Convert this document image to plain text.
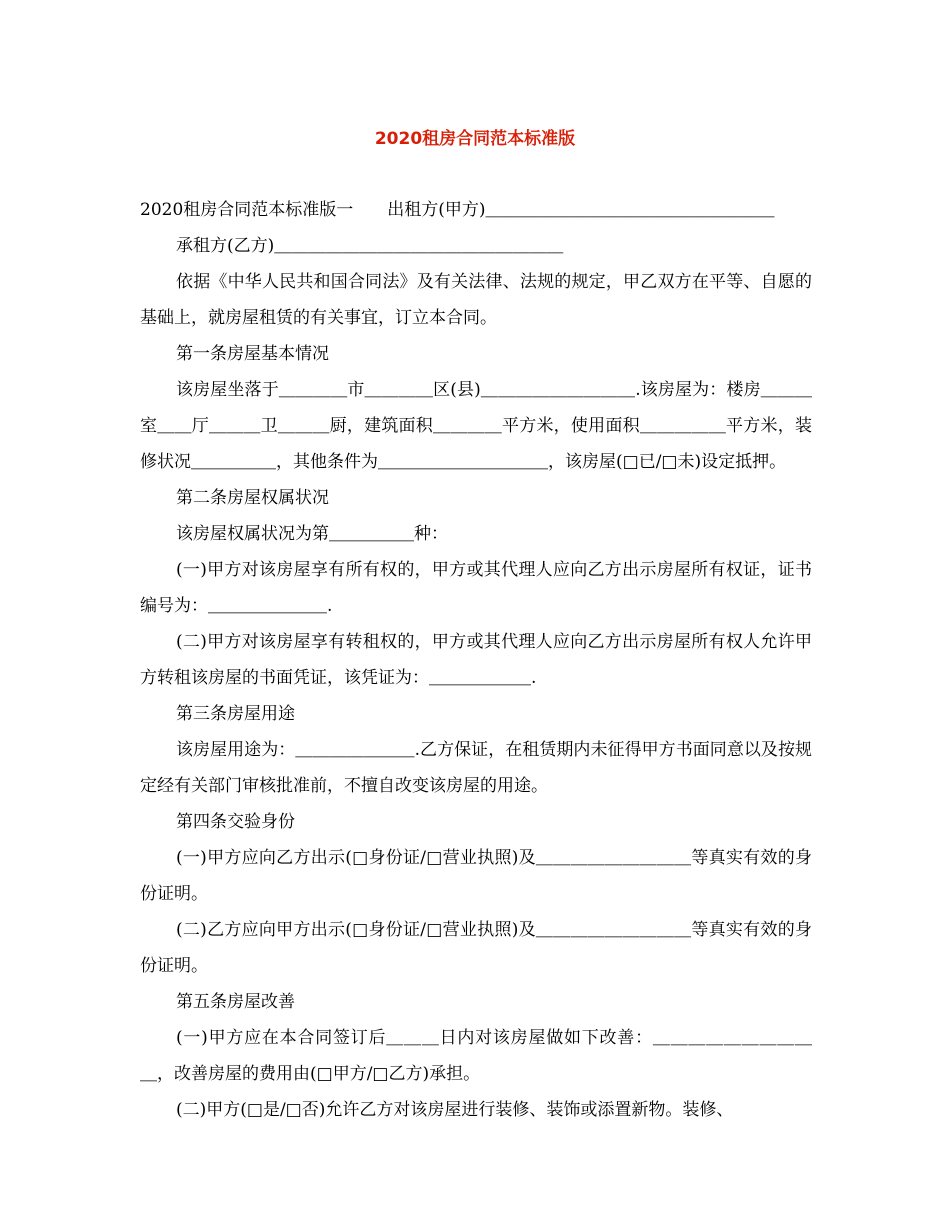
2020租房合同范本标准版

2020租房合同范本标准版一　　出租方(甲方)＿＿＿＿＿＿＿＿＿＿＿＿＿＿＿＿＿

承租方(乙方)＿＿＿＿＿＿＿＿＿＿＿＿＿＿＿＿＿

依据《中华人民共和国合同法》及有关法律、法规的规定，甲乙双方在平等、自愿的基础上，就房屋租赁的有关事宜，订立本合同。

第一条房屋基本情况

该房屋坐落于＿＿＿＿市＿＿＿＿区(县)＿＿＿＿＿＿＿＿＿.该房屋为：楼房＿＿＿室＿＿厅＿＿＿卫＿＿＿厨，建筑面积＿＿＿＿平方米，使用面积＿＿＿＿＿平方米，装修状况＿＿＿＿＿，其他条件为＿＿＿＿＿＿＿＿＿＿，该房屋(□已/□未)设定抵押。

第二条房屋权属状况

该房屋权属状况为第＿＿＿＿＿种：

(一)甲方对该房屋享有所有权的，甲方或其代理人应向乙方出示房屋所有权证，证书编号为：＿＿＿＿＿＿＿.

(二)甲方对该房屋享有转租权的，甲方或其代理人应向乙方出示房屋所有权人允许甲方转租该房屋的书面凭证，该凭证为：＿＿＿＿＿＿.

第三条房屋用途

该房屋用途为：＿＿＿＿＿＿＿.乙方保证，在租赁期内未征得甲方书面同意以及按规定经有关部门审核批准前，不擅自改变该房屋的用途。

第四条交验身份

(一)甲方应向乙方出示(□身份证/□营业执照)及＿＿＿＿＿＿＿＿＿等真实有效的身份证明。

(二)乙方应向甲方出示(□身份证/□营业执照)及＿＿＿＿＿＿＿＿＿等真实有效的身份证明。

第五条房屋改善

(一)甲方应在本合同签订后＿＿＿日内对该房屋做如下改善：＿＿＿＿＿＿＿＿＿＿，改善房屋的费用由(□甲方/□乙方)承担。

(二)甲方(□是/□否)允许乙方对该房屋进行装修、装饰或添置新物。装修、
